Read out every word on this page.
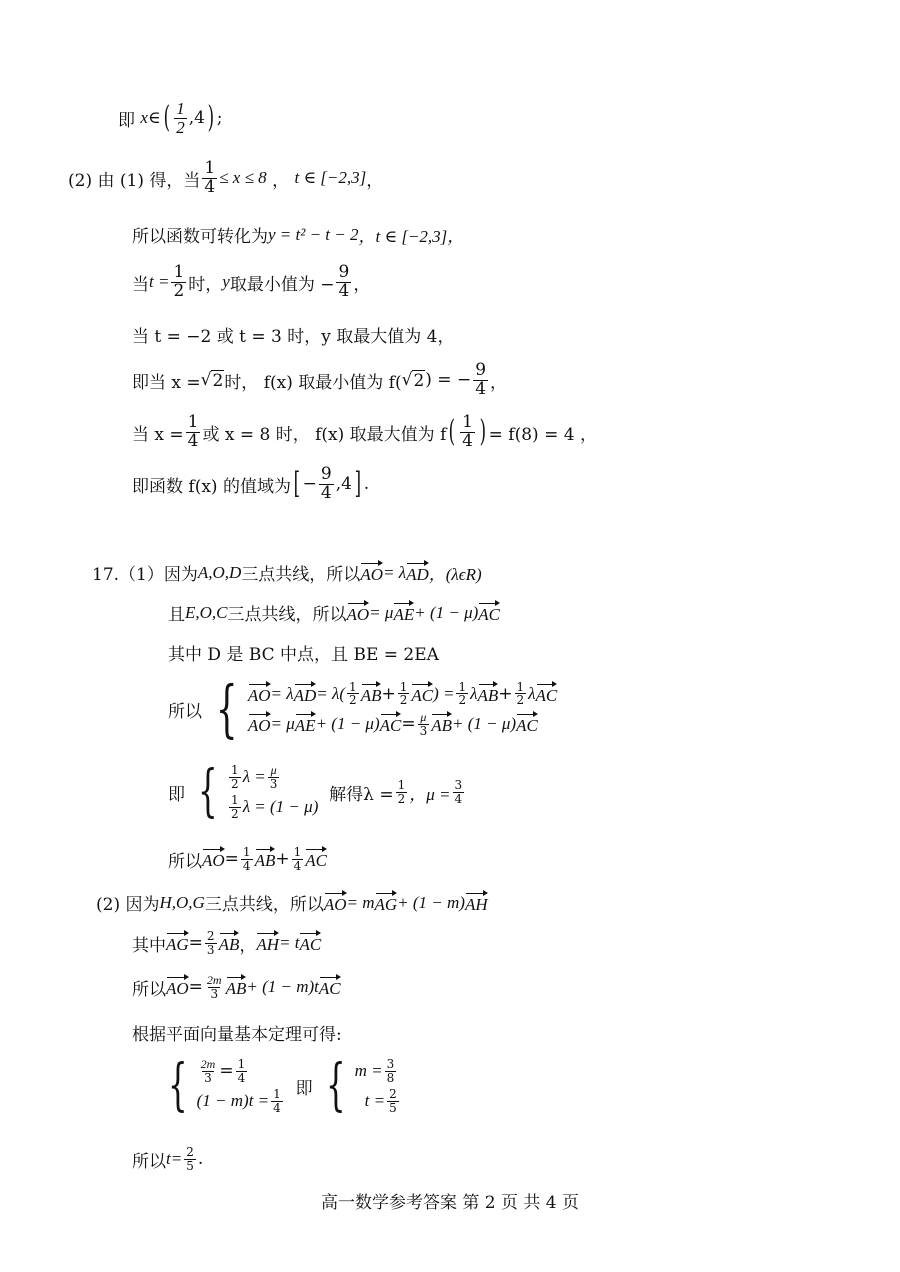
即
x ∈ ( $\frac{1}{2} ,4$ ) ;
(2) 由 (1) 得，当 $\frac{1}{4} \le x \le 8$ ， t ∈ [−2,3] ，
所以函数可转化为 y = t² − t − 2 ，t ∈ [−2,3]，
当 $t = \frac{1}{2}$ 时， y 取最小值为 − $\frac{9}{4}$ ，
当 t = −2 或 t = 3 时，y 取最大值为 4，
即当 x = √ 2 时， f(x) 取最小值为 f( √ 2 ) = − $\frac{9}{4}$ ，
当 $x = \frac{1}{4}$ 或 x = 8 时， f(x) 取最大值为 f ( $\frac{1}{4}$ ) = f(8) = 4 ，
即函数 f(x) 的值域为 [ − $\frac{9}{4} ,4$ ] .
17.（1）因为 A,O,D 三点共线，所以 AO = λ AD ，(λϵR)
且 E,O,C 三点共线，所以 AO = μ AE + (1 − μ) AC
其中 D 是 BC 中点，且 BE = 2EA
所以
{ AO = λ AD = $\lambda( \frac{1}{2}$ AB + $\frac{1}{2}$ AC ) = $\frac{1}{2}$ λ AB + $\frac{1}{2}$ λ AC
AO = μ AE + (1 − μ) AC = $\frac{\mu}{3}$ AB + (1 − μ) AC
即
{ $\frac{1}{2}$ $\lambda = \frac{\mu}{3}$
$\frac{1}{2}$ λ = (1 − μ)

解得$\lambda = \frac{1}{2}$ ，$\mu = \frac{3}{4}$
所以 AO = $\frac{1}{4}$ AB + $\frac{1}{4}$ AC
(2) 因为 H,O,G 三点共线，所以 AO = m AG + (1 − m) AH
其中 AG = $\frac{2}{3}$ AB ， AH = t AC
所以 AO = $\frac{2m}{3}$ AB + (1 − m)t AC
根据平面向量基本定理可得:
{ $\frac{2m}{3} = \frac{1}{4}$
$(1 - m)t = \frac{1}{4}$
即
{ $m = \frac{3}{8}$
$t = \frac{2}{5}$
所以 $t= \frac{2}{5}$ .
高一数学参考答案 第 2 页 共 4 页
